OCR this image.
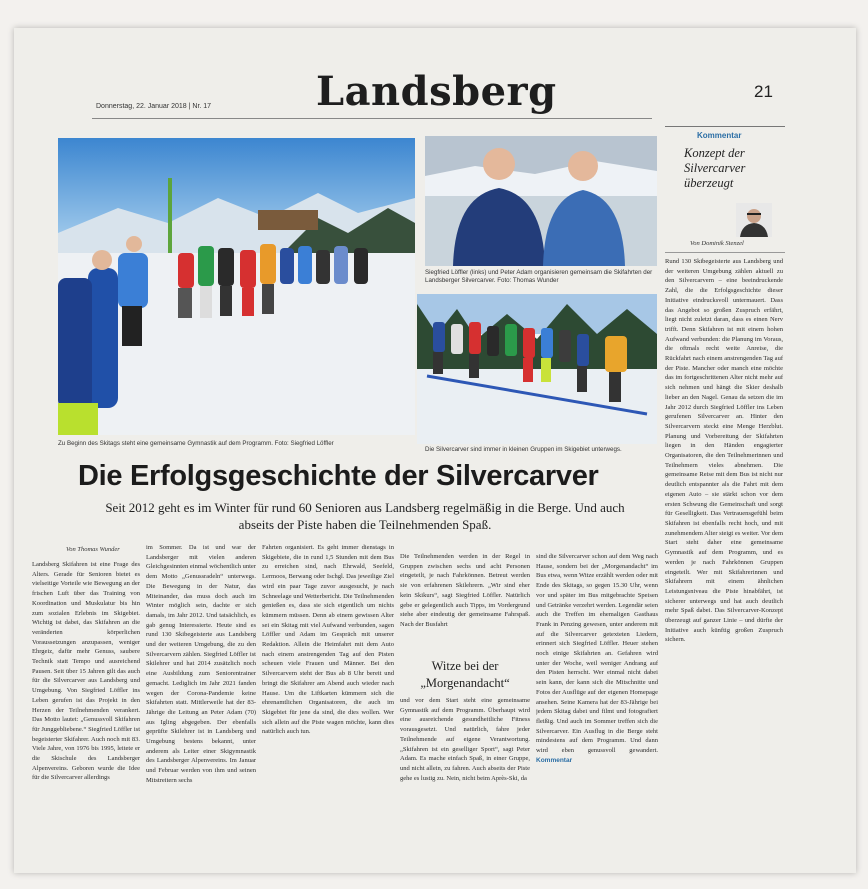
Donnerstag, 22. Januar 2018 | Nr. 17	Landsberg	21
Zu Beginn des Skitags steht eine gemeinsame Gymnastik auf dem Programm. Foto: Siegfried Löffler
Siegfried Löffler (links) und Peter Adam organisieren gemeinsam die Skifahrten der Landsberger Silvercarver. Foto: Thomas Wunder
Die Silvercarver sind immer in kleinen Gruppen im Skigebiet unterwegs.
Kommentar
Konzept der Silvercarver überzeugt
Von Dominik Stenzel
Rund 130 Skibegeisterte aus Landsberg und der weiteren Umgebung zählen aktuell zu den Silvercarvern – eine beeindruckende Zahl, die die Erfolgsgeschichte dieser Initiative eindrucksvoll untermauert. Dass das Angebot so großen Zuspruch erfährt, liegt nicht zuletzt daran, dass es einen Nerv trifft. Denn Skifahren ist mit einem hohen Aufwand verbunden: die Planung im Voraus, die oftmals recht weite Anreise, die Rückfahrt nach einem anstrengenden Tag auf der Piste. Mancher oder manch eine möchte das im fortgeschrittenen Alter nicht mehr auf sich nehmen und hängt die Skier deshalb lieber an den Nagel. Genau da setzen die im Jahr 2012 durch Siegfried Löffler ins Leben gerufenen Silvercarver an. Hinter den Silvercarvern steckt eine Menge Herzblut. Planung und Vorbereitung der Skifahrten liegen in den Händen engagierter Organisatoren, die den Teilnehmerinnen und Teilnehmern vieles abnehmen. Die gemeinsame Reise mit dem Bus ist nicht nur deutlich entspannter als die Fahrt mit dem eigenen Auto – sie stärkt schon vor dem ersten Schwung die Gemeinschaft und sorgt für Geselligkeit. Das Vertrauensgefühl beim Skifahren ist ebenfalls recht hoch, und mit zunehmendem Alter steigt es weiter. Vor dem Start steht daher eine gemeinsame Gymnastik auf dem Programm, und es werden je nach Fahrkönnen Gruppen eingeteilt. Wer mit Skifahrerinnen und Skifahrern mit einem ähnlichen Leistungsniveau die Piste hinabfährt, ist sicherer unterwegs und hat auch deutlich mehr Spaß dabei. Das Silvercarver-Konzept überzeugt auf ganzer Linie – und dürfte der Initiative auch künftig großen Zuspruch sichern.
Die Erfolgsgeschichte der Silvercarver
Seit 2012 geht es im Winter für rund 60 Senioren aus Landsberg regelmäßig in die Berge. Und auch abseits der Piste haben die Teilnehmenden Spaß.
Von Thomas Wunder
Landsberg Skifahren ist eine Frage des Alters. Gerade für Senioren bietet es vielseitige Vorteile wie Bewegung an der frischen Luft über das Training von Koordination und Muskulatur bis hin zum sozialen Erlebnis im Skigebiet. Wichtig ist dabei, das Skifahren an die veränderten körperlichen Voraussetzungen anzupassen, weniger Ehrgeiz, dafür mehr Genuss, saubere Technik statt Tempo und ausreichend Pausen. Seit über 15 Jahren gilt das auch für die Silvercarver aus Landsberg und Umgebung. Von Siegfried Löffler ins Leben gerufen ist das Projekt in den Herzen der Teilnehmenden verankert. Das Motto lautet: „Genussvoll Skifahren für Junggebliebene.“ Siegfried Löffler ist begeisterter Skifahrer. Auch noch mit 83. Viele Jahre, von 1976 bis 1995, leitete er die Skischule des Landsberger Alpenvereins. Geboren wurde die Idee für die Silvercarver allerdings
im Sommer. Da ist und war der Landsberger mit vielen anderen Gleichgesinnten einmal wöchentlich unter dem Motto „Genussradeln“ unterwegs. Die Bewegung in der Natur, das Miteinander, das muss doch auch im Winter möglich sein, dachte er sich damals, im Jahr 2012. Und tatsächlich, es gab genug Interessierte. Heute sind es rund 130 Skibegeisterte aus Landsberg und der weiteren Umgebung, die zu den Silvercarvern zählen. Siegfried Löffler ist Skilehrer und hat 2014 zusätzlich noch eine Ausbildung zum Seniorentrainer gemacht. Lediglich im Jahr 2021 fanden wegen der Corona-Pandemie keine Skifahrten statt. Mittlerweile hat der 83-Jährige die Leitung an Peter Adam (70) aus Igling abgegeben. Der ebenfalls geprüfte Skilehrer ist in Landsberg und Umgebung bestens bekannt, unter anderem als Leiter einer Skigymnastik des Landsberger Alpenvereins. Im Januar und Februar werden von ihm und seinen Mitstreitern sechs
Fahrten organisiert. Es geht immer dienstags in Skigebiete, die in rund 1,5 Stunden mit dem Bus zu erreichen sind, nach Ehrwald, Seefeld, Lermoos, Berwang oder Ischgl. Das jeweilige Ziel wird ein paar Tage zuvor ausgesucht, je nach Schneelage und Wetterbericht. Die Teilnehmenden genießen es, dass sie sich eigentlich um nichts kümmern müssen. Denn ab einem gewissen Alter sei ein Skitag mit viel Aufwand verbunden, sagen Löffler und Adam im Gespräch mit unserer Redaktion. Allein die Heimfahrt mit dem Auto nach einem anstrengenden Tag auf den Pisten scheuen viele Frauen und Männer. Bei den Silvercarvern steht der Bus ab 8 Uhr bereit und bringt die Skifahrer am Abend auch wieder nach Hause. Um die Liftkarten kümmern sich die ehrenamtlichen Organisatoren, die auch im Skigebiet für jene da sind, die dies wollen. Wer sich allein auf die Piste wagen möchte, kann dies natürlich auch tun.
Die Teilnehmenden werden in der Regel in Gruppen zwischen sechs und acht Personen eingeteilt, je nach Fahrkönnen. Betreut werden sie von erfahrenen Skilehrern. „Wir sind eher kein Skikurs“, sagt Siegfried Löffler. Natürlich gebe er gelegentlich auch Tipps, im Vordergrund stehe aber eindeutig der gemeinsame Fahrspaß. Nach der Busfahrt
Witze bei der „Morgenandacht“
und vor dem Start steht eine gemeinsame Gymnastik auf dem Programm. Überhaupt wird eine ausreichende gesundheitliche Fitness vorausgesetzt. Und natürlich, fahre jeder Teilnehmende auf eigene Verantwortung. „Skifahren ist ein geselliger Sport“, sagt Peter Adam. Es mache einfach Spaß, in einer Gruppe, und nicht allein, zu fahren. Auch abseits der Piste gehe es lustig zu. Nein, nicht beim Après-Ski, da
sind die Silvercarver schon auf dem Weg nach Hause, sondern bei der „Morgenandacht“ im Bus etwa, wenn Witze erzählt werden oder mit Ende des Skitags, so gegen 15.30 Uhr, wenn vor und später im Bus mitgebrachte Speisen und Getränke verzehrt werden. Legendär seien auch die Treffen im ehemaligen Gasthaus Frank in Penzing gewesen, unter anderem mit auf die Silvercarver getexteten Liedern, erinnert sich Siegfried Löffler. Heuer stehen noch einige Skifahrten an. Gefahren wird unter der Woche, weil weniger Andrang auf den Pisten herrscht. Wer einmal nicht dabei sein kann, der kann sich die Mitschnitte und Fotos der Ausflüge auf der eigenen Homepage ansehen. Seine Kamera hat der 83-Jährige bei jedem Skitag dabei und filmt und fotografiert fleißig. Und auch im Sommer treffen sich die Silvercarver. Ein Ausflug in die Berge steht mindestens auf dem Programm. Und dann wird eben genussvoll gewandert. Kommentar
